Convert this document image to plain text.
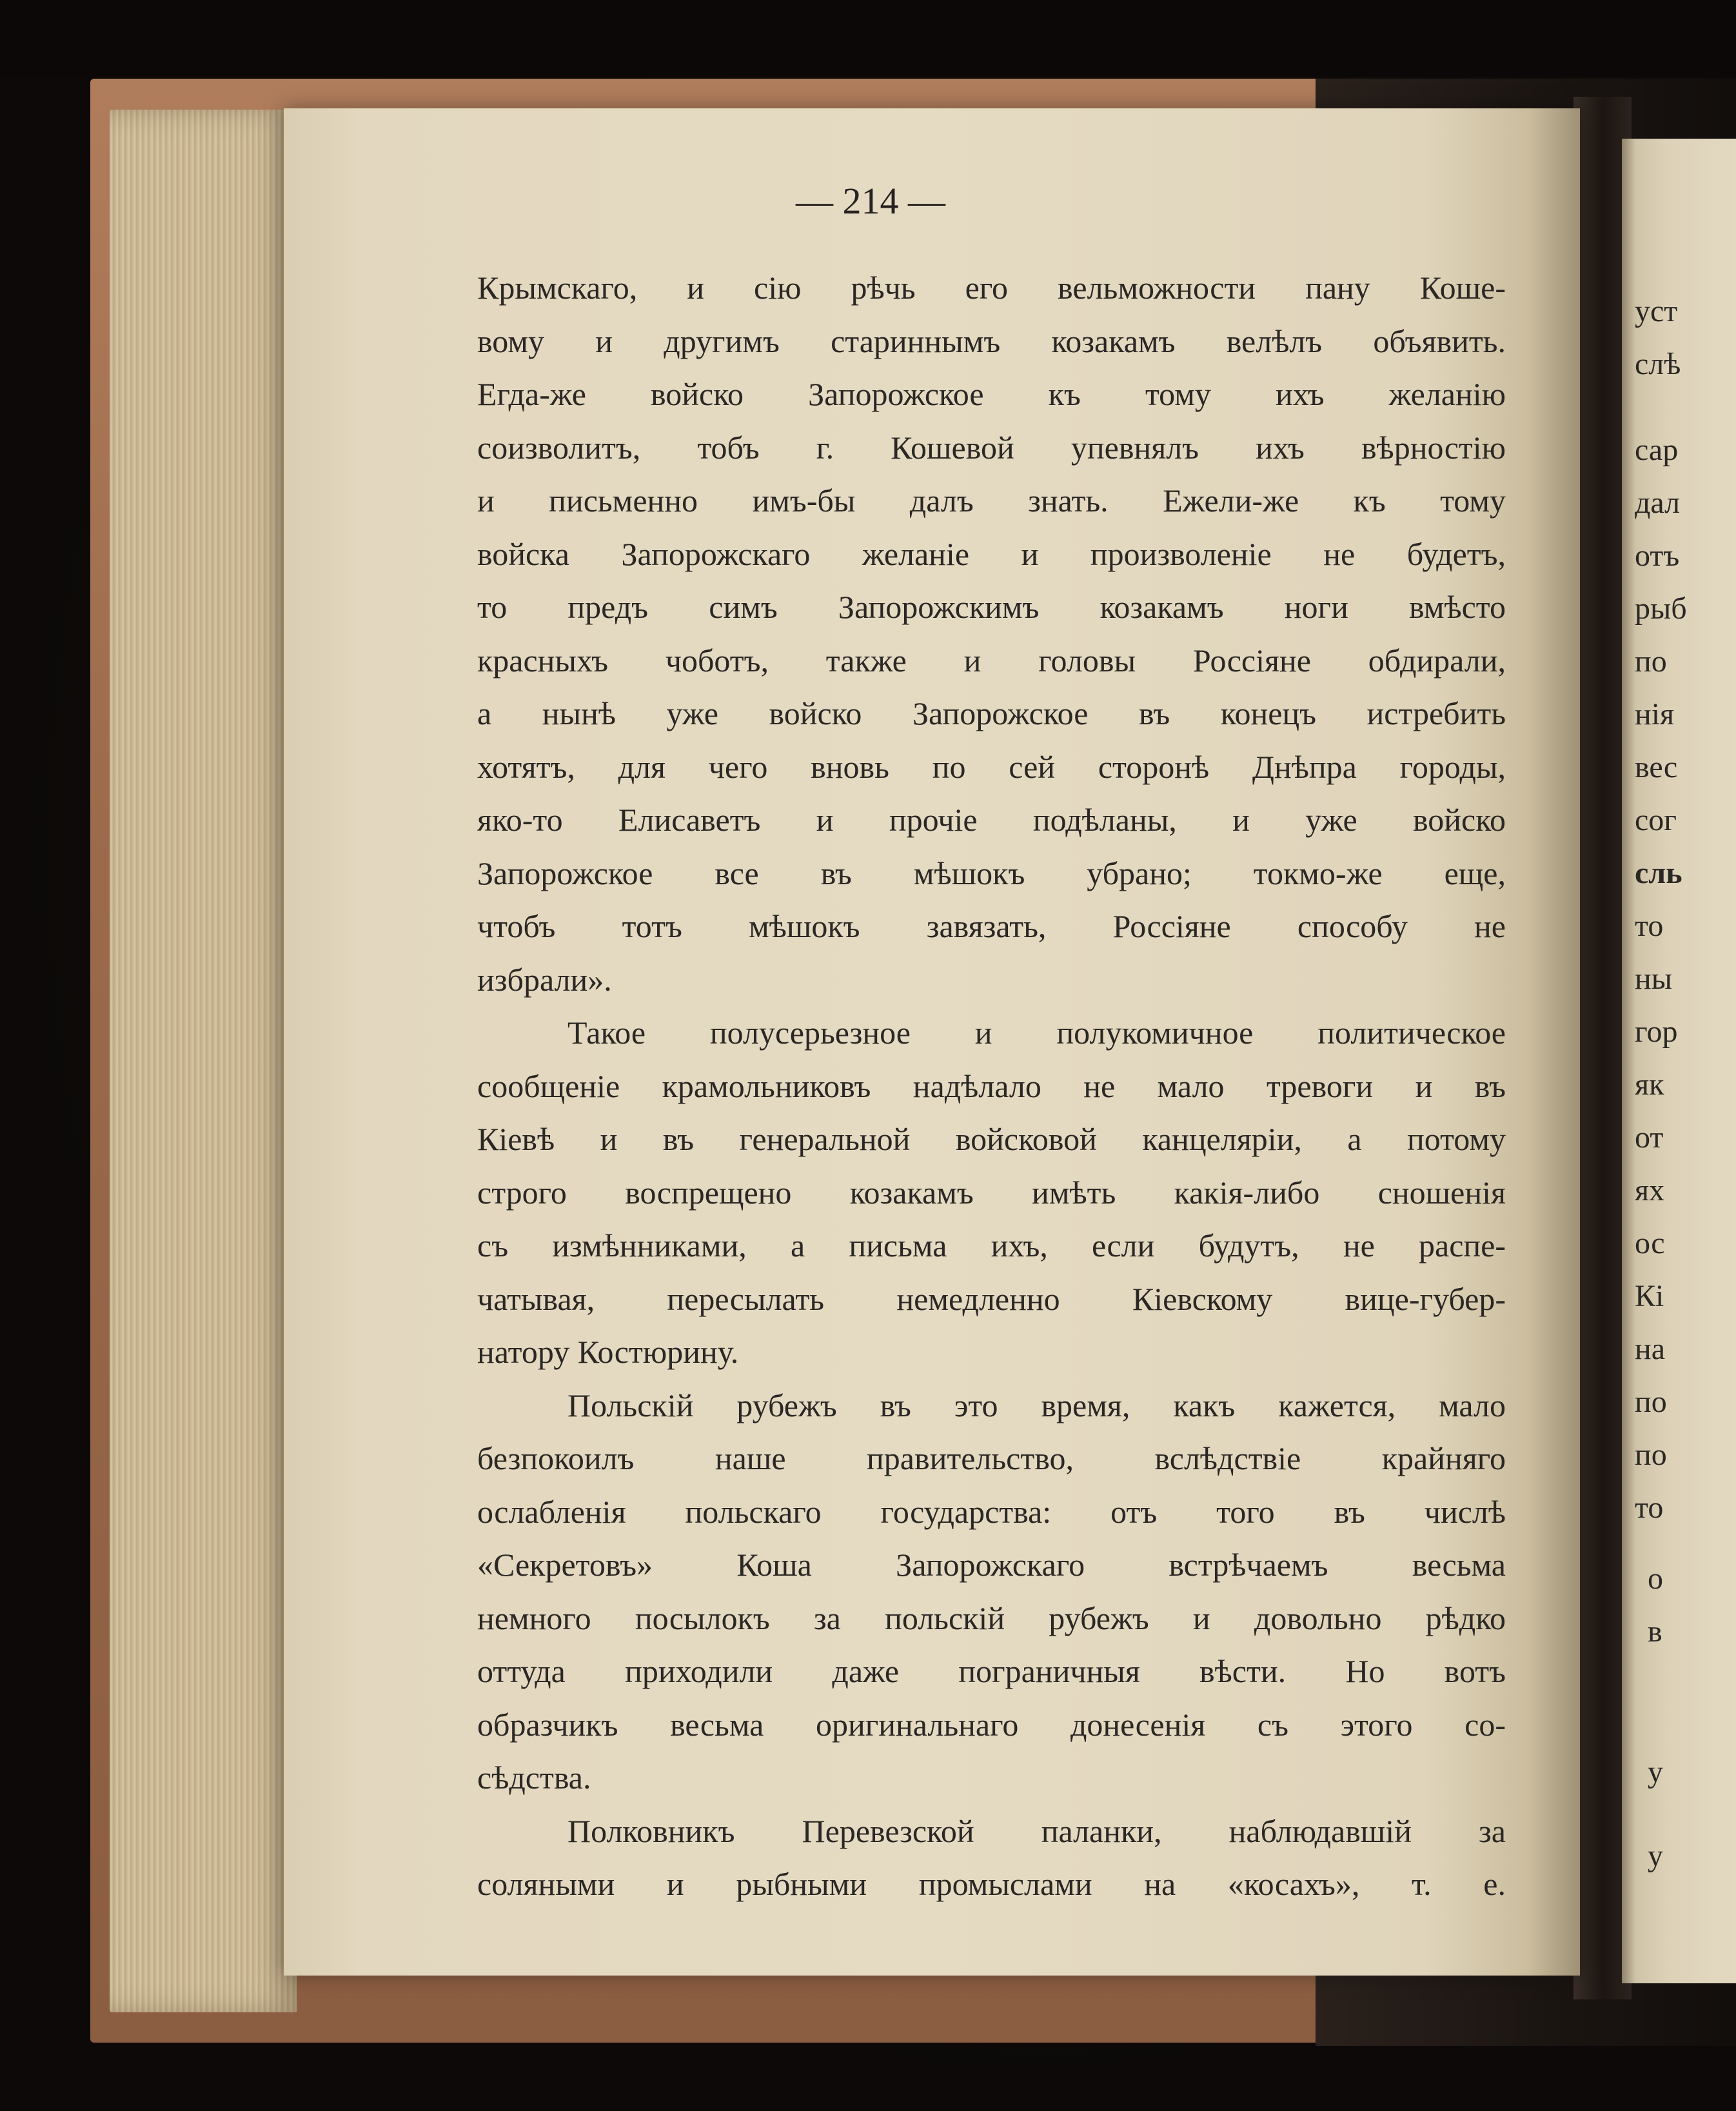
— 214 —
Крымскаго, и сію рѣчь его вельможности пану Коше-
вому и другимъ стариннымъ козакамъ велѣлъ объявить.
Егда-же войско Запорожское къ тому ихъ желанію
соизволитъ, тобъ г. Кошевой упевнялъ ихъ вѣрностію
и письменно имъ-бы далъ знать. Ежели-же къ тому
войска Запорожскаго желаніе и произволеніе не будетъ,
то предъ симъ Запорожскимъ козакамъ ноги вмѣсто
красныхъ чоботъ, также и головы Россіяне обдирали,
а нынѣ уже войско Запорожское въ конецъ истребить
хотятъ, для чего вновь по сей сторонѣ Днѣпра городы,
яко-то Елисаветъ и прочіе подѣланы, и уже войско
Запорожское все въ мѣшокъ убрано; токмо-же еще,
чтобъ тотъ мѣшокъ завязать, Россіяне способу не
избрали».
Такое полусерьезное и полукомичное политическое
сообщеніе крамольниковъ надѣлало не мало тревоги и въ
Кіевѣ и въ генеральной войсковой канцеляріи, а потому
строго воспрещено козакамъ имѣть какія-либо сношенія
съ измѣнниками, а письма ихъ, если будутъ, не распе-
чатывая, пересылать немедленно Кіевскому вице-губер-
натору Костюрину.
Польскій рубежъ въ это время, какъ кажется, мало
безпокоилъ наше правительство, вслѣдствіе крайняго
ослабленія польскаго государства: отъ того въ числѣ
«Секретовъ» Коша Запорожскаго встрѣчаемъ весьма
немного посылокъ за польскій рубежъ и довольно рѣдко
оттуда приходили даже пограничныя вѣсти. Но вотъ
образчикъ весьма оригинальнаго донесенія съ этого со-
сѣдства.
Полковникъ Перевезской паланки, наблюдавшій за
соляными и рыбными промыслами на «косахъ», т. е.
уст
слѣ
сар
дал
отъ
рыб
по
нія
вес
сог
сль
то
ны
гор
як
от
ях
ос
Кі
на
по
по
то
о
в
у
у
